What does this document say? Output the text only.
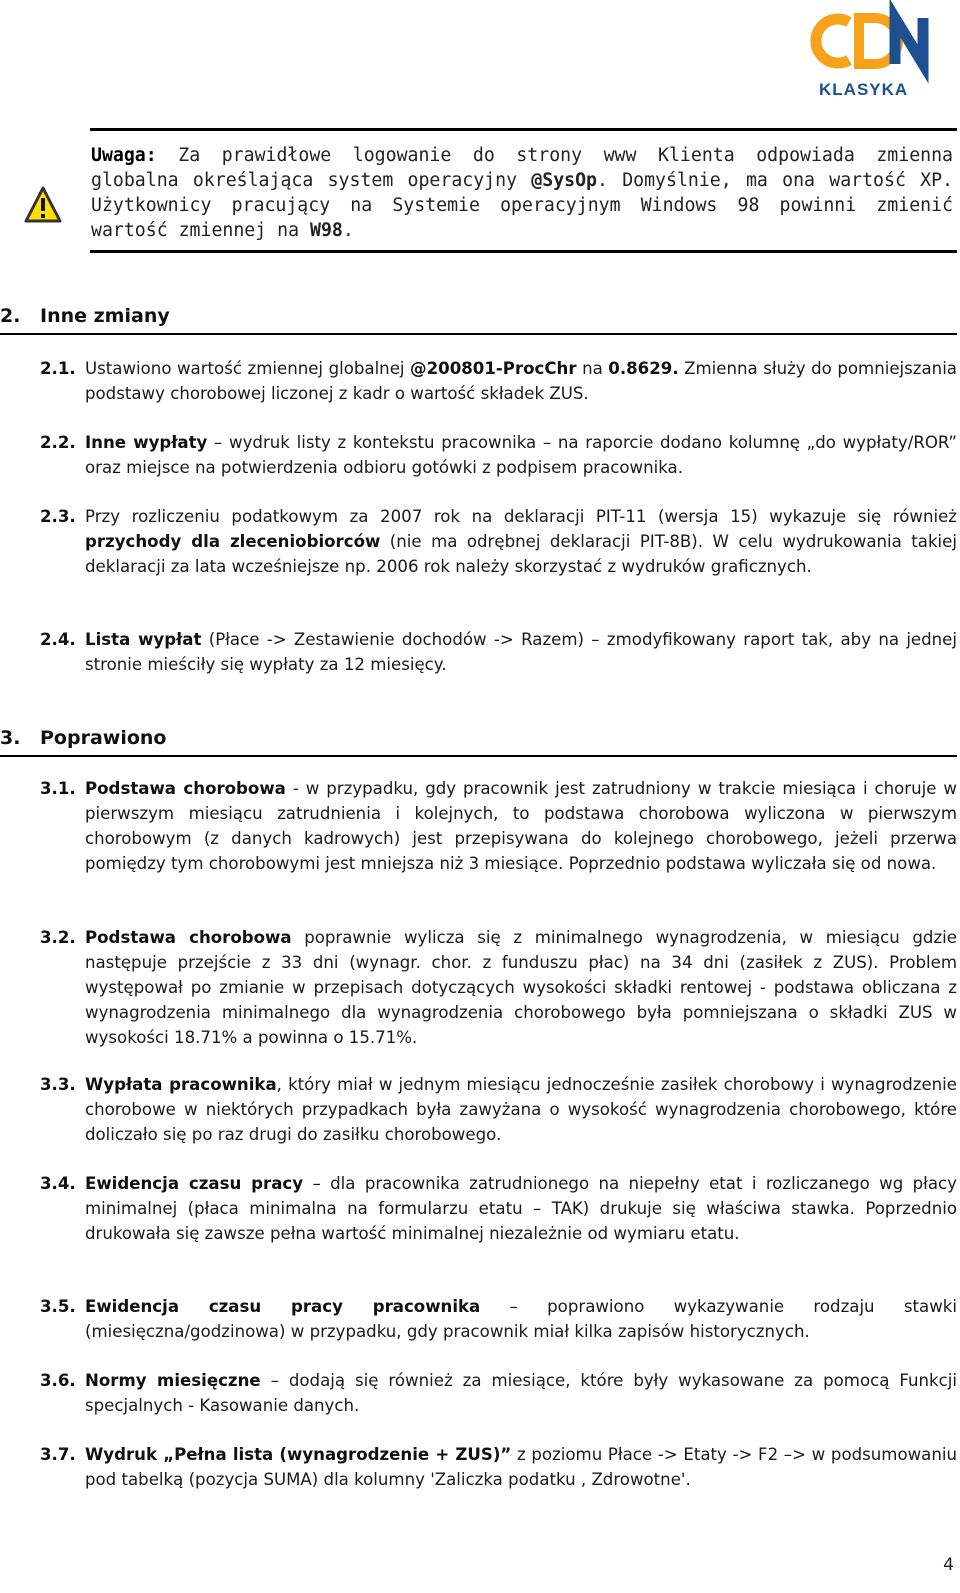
KLASYKA
Uwaga: Za prawidłowe logowanie do strony www Klienta odpowiada zmienna globalna określająca system operacyjny @SysOp. Domyślnie, ma ona wartość XP. Użytkownicy pracujący na Systemie operacyjnym Windows 98 powinni zmienić wartość zmiennej na W98.
2. Inne zmiany
2.1. Ustawiono wartość zmiennej globalnej @200801-ProcChr na 0.8629. Zmienna służy do pomniejszania podstawy chorobowej liczonej z kadr o wartość składek ZUS.
2.2. Inne wypłaty – wydruk listy z kontekstu pracownika – na raporcie dodano kolumnę „do wypłaty/ROR” oraz miejsce na potwierdzenia odbioru gotówki z podpisem pracownika.
2.3. Przy rozliczeniu podatkowym za 2007 rok na deklaracji PIT-11 (wersja 15) wykazuje się również przychody dla zleceniobiorców (nie ma odrębnej deklaracji PIT-8B). W celu wydrukowania takiej deklaracji za lata wcześniejsze np. 2006 rok należy skorzystać z wydruków graficznych.
2.4. Lista wypłat (Płace -> Zestawienie dochodów -> Razem) – zmodyfikowany raport tak, aby na jednej stronie mieściły się wypłaty za 12 miesięcy.
3. Poprawiono
3.1. Podstawa chorobowa - w przypadku, gdy pracownik jest zatrudniony w trakcie miesiąca i choruje w pierwszym miesiącu zatrudnienia i kolejnych, to podstawa chorobowa wyliczona w pierwszym chorobowym (z danych kadrowych) jest przepisywana do kolejnego chorobowego, jeżeli przerwa pomiędzy tym chorobowymi jest mniejsza niż 3 miesiące. Poprzednio podstawa wyliczała się od nowa.
3.2. Podstawa chorobowa poprawnie wylicza się z minimalnego wynagrodzenia, w miesiącu gdzie następuje przejście z 33 dni (wynagr. chor. z funduszu płac) na 34 dni (zasiłek z ZUS). Problem występował po zmianie w przepisach dotyczących wysokości składki rentowej - podstawa obliczana z wynagrodzenia minimalnego dla wynagrodzenia chorobowego była pomniejszana o składki ZUS w wysokości 18.71% a powinna o 15.71%.
3.3. Wypłata pracownika, który miał w jednym miesiącu jednocześnie zasiłek chorobowy i wynagrodzenie chorobowe w niektórych przypadkach była zawyżana o wysokość wynagrodzenia chorobowego, które doliczało się po raz drugi do zasiłku chorobowego.
3.4. Ewidencja czasu pracy – dla pracownika zatrudnionego na niepełny etat i rozliczanego wg płacy minimalnej (płaca minimalna na formularzu etatu – TAK) drukuje się właściwa stawka. Poprzednio drukowała się zawsze pełna wartość minimalnej niezależnie od wymiaru etatu.
3.5. Ewidencja czasu pracy pracownika – poprawiono wykazywanie rodzaju stawki (miesięczna/godzinowa) w przypadku, gdy pracownik miał kilka zapisów historycznych.
3.6. Normy miesięczne – dodają się również za miesiące, które były wykasowane za pomocą Funkcji specjalnych - Kasowanie danych.
3.7. Wydruk „Pełna lista (wynagrodzenie + ZUS)” z poziomu Płace -> Etaty -> F2 –> w podsumowaniu pod tabelką (pozycja SUMA) dla kolumny 'Zaliczka podatku , Zdrowotne'.
4
